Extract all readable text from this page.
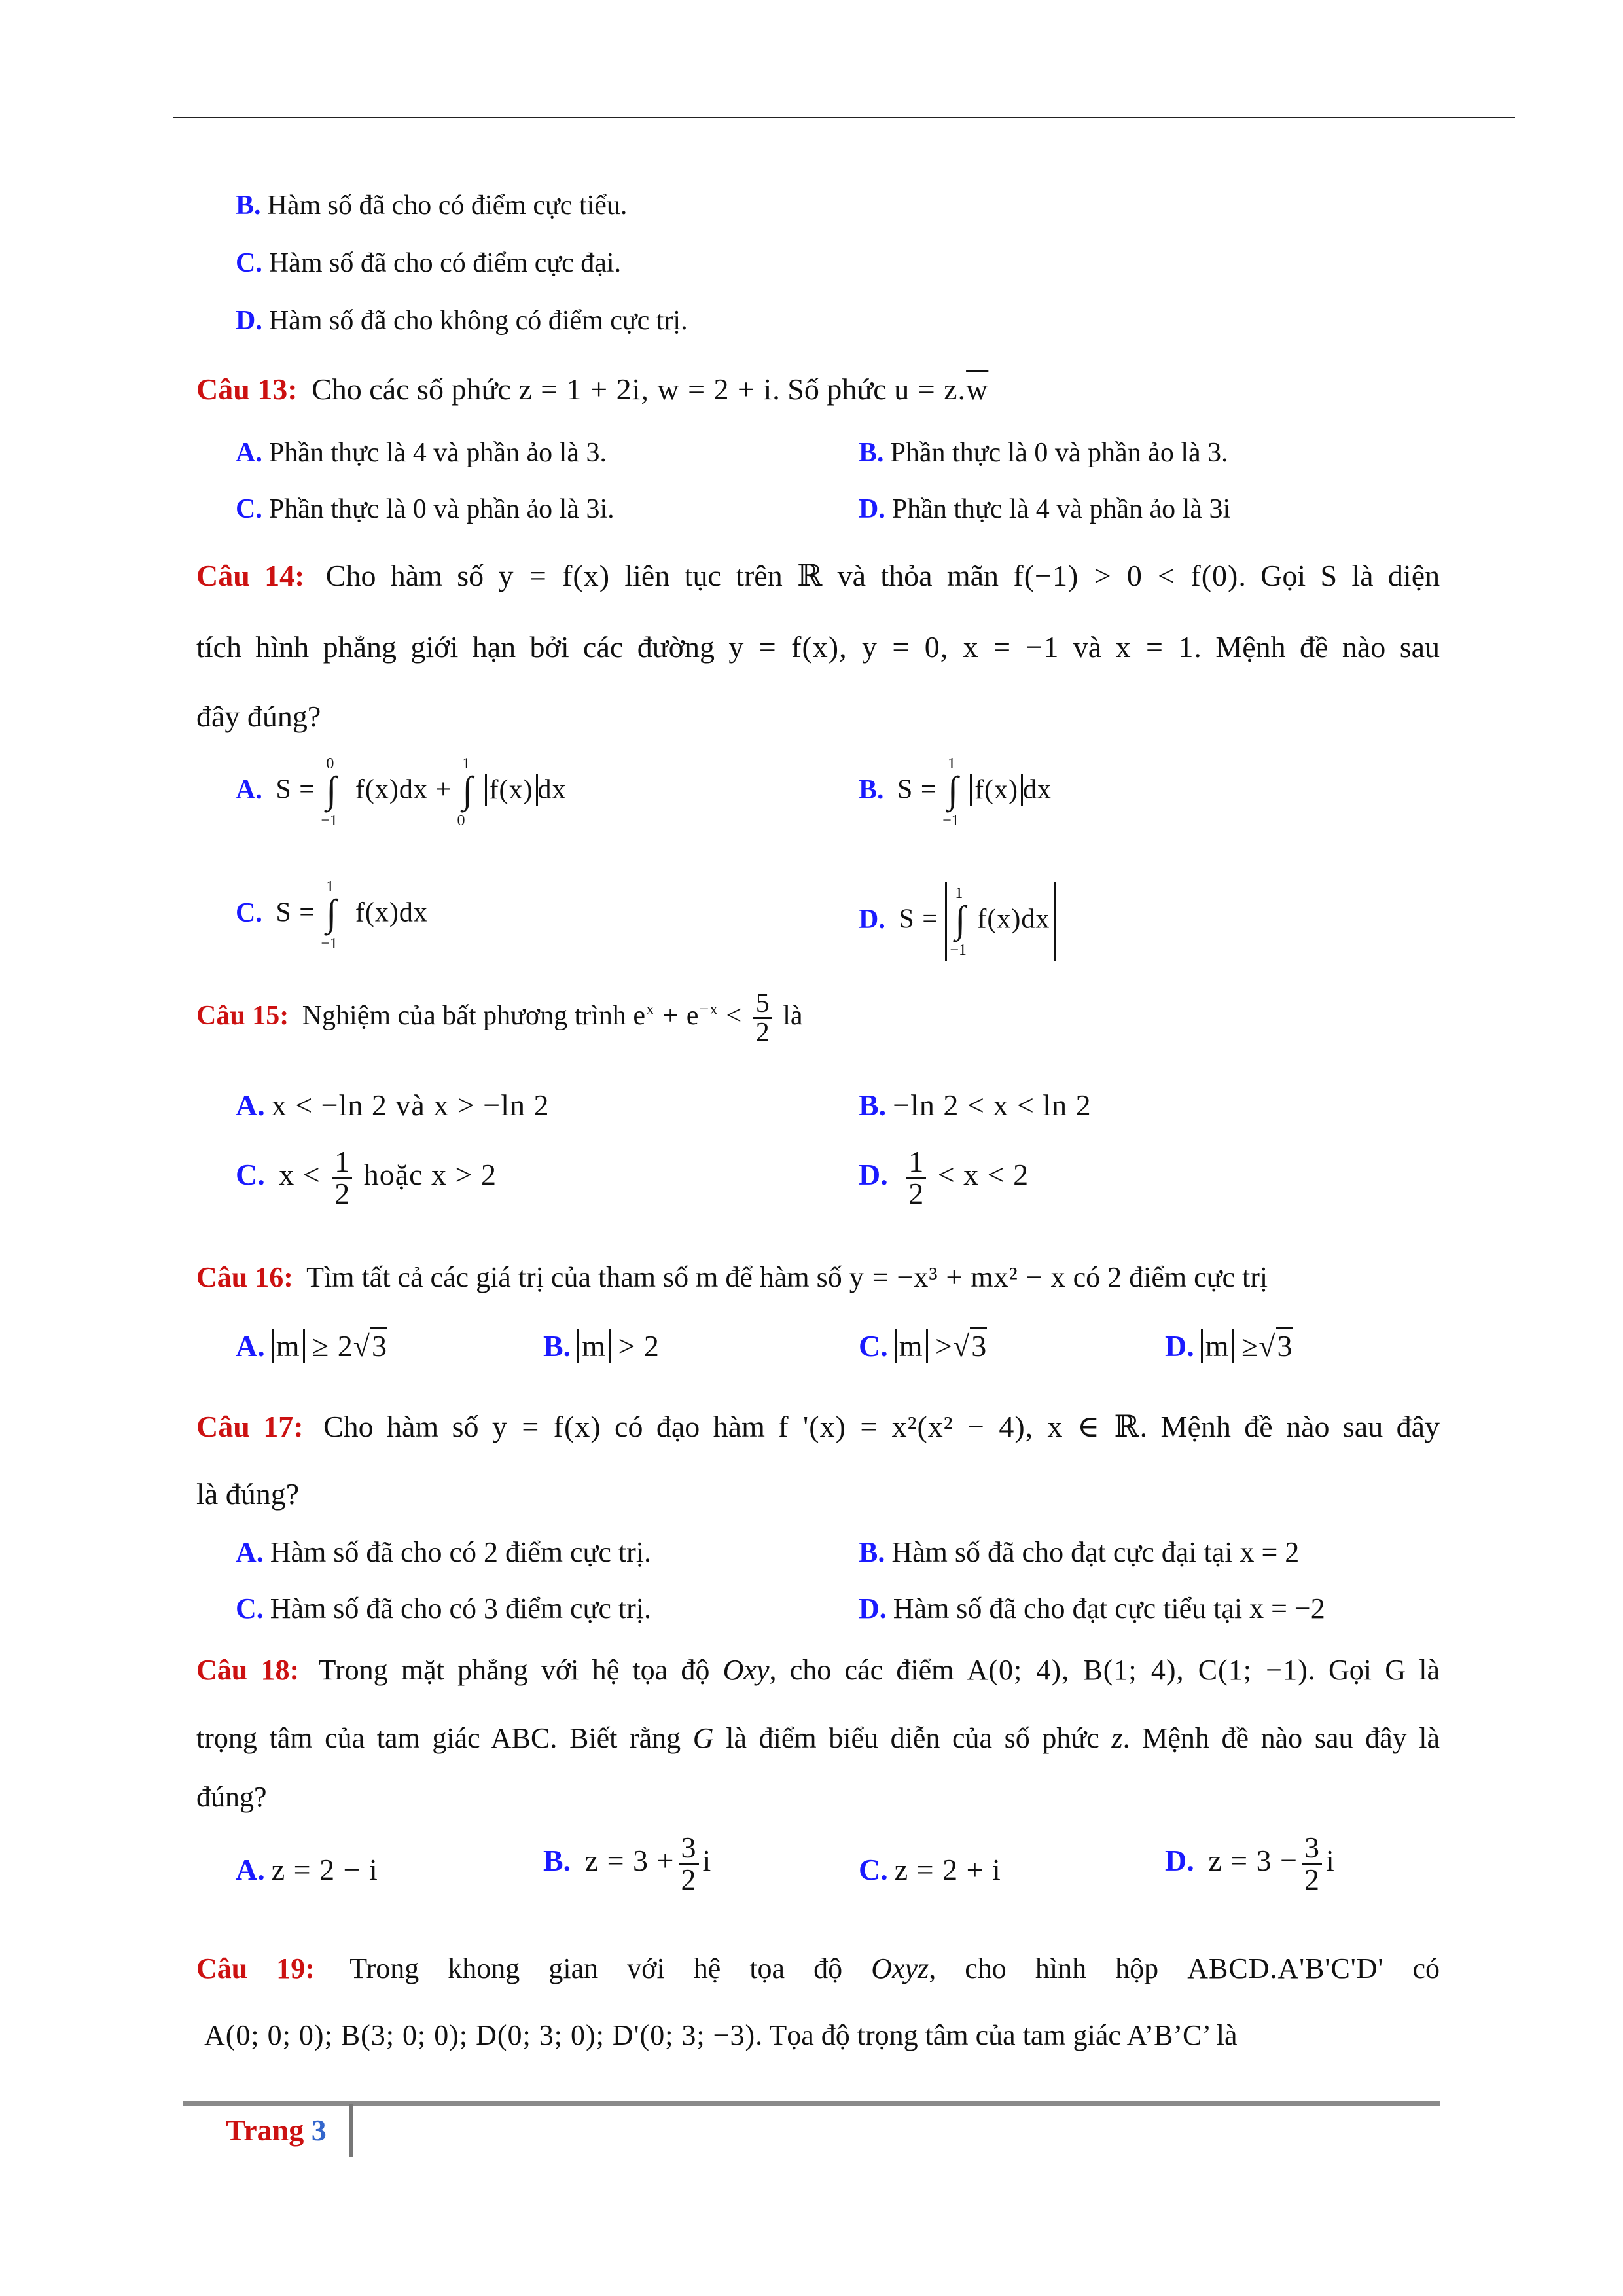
B. Hàm số đã cho có điểm cực tiểu.
C. Hàm số đã cho có điểm cực đại.
D. Hàm số đã cho không có điểm cực trị.
Câu 13: Cho các số phức z = 1 + 2i, w = 2 + i. Số phức $u = z.\overline{w}$
A. Phần thực là 4 và phần ảo là 3.	B. Phần thực là 0 và phần ảo là 3.
C. Phần thực là 0 và phần ảo là 3i.	D. Phần thực là 4 và phần ảo là 3i
Câu 14: Cho hàm số y = f(x) liên tục trên ℝ và thỏa mãn f(−1) > 0 < f(0). Gọi S là diện
tích hình phẳng giới hạn bởi các đường y = f(x), y = 0, x = −1 và x = 1. Mệnh đề nào sau
đây đúng?
A. S =
0
∫
−1
f(x)dx +
1
∫
0
f(x) dx	B. S =
1
∫
−1
f(x) dx
C. S =
1
∫
−1
f(x)dx	D. S =
1
∫
−1
f(x)dx
Câu 15: Nghiệm của bất phương trình $e^x + e^{-x} < \frac{5}{2}$ là
A. x < −ln 2 và x > −ln 2	B. −ln 2 < x < ln 2
C. $x < \frac{1}{2}$ hoặc x > 2	D. $\frac{1}{2} < x < 2$
Câu 16: Tìm tất cả các giá trị của tham số m để hàm số y = −x³ + mx² − x có 2 điểm cực trị
A. m ≥ 2√3	B. m > 2	C. m >√3	D. m ≥√3
Câu 17: Cho hàm số y = f(x) có đạo hàm f '(x) = x²(x² − 4), x ∈ ℝ. Mệnh đề nào sau đây
là đúng?
A. Hàm số đã cho có 2 điểm cực trị.	B. Hàm số đã cho đạt cực đại tại x = 2
C. Hàm số đã cho có 3 điểm cực trị.	D. Hàm số đã cho đạt cực tiểu tại x = −2
Câu 18: Trong mặt phẳng với hệ tọa độ Oxy, cho các điểm A(0; 4), B(1; 4), C(1; −1). Gọi G là
trọng tâm của tam giác ABC. Biết rằng G là điểm biểu diễn của số phức z. Mệnh đề nào sau đây là
đúng?
A. z = 2 − i	B. $z = 3 + \frac{3}{2}$ i	C. z = 2 + i	D. $z = 3 - \frac{3}{2}$ i
Câu 19: Trong khong gian với hệ tọa độ Oxyz, cho hình hộp ABCD.A'B'C'D' có
A(0; 0; 0); B(3; 0; 0); D(0; 3; 0); D'(0; 3; −3). Tọa độ trọng tâm của tam giác A’B’C’ là
Trang 3
